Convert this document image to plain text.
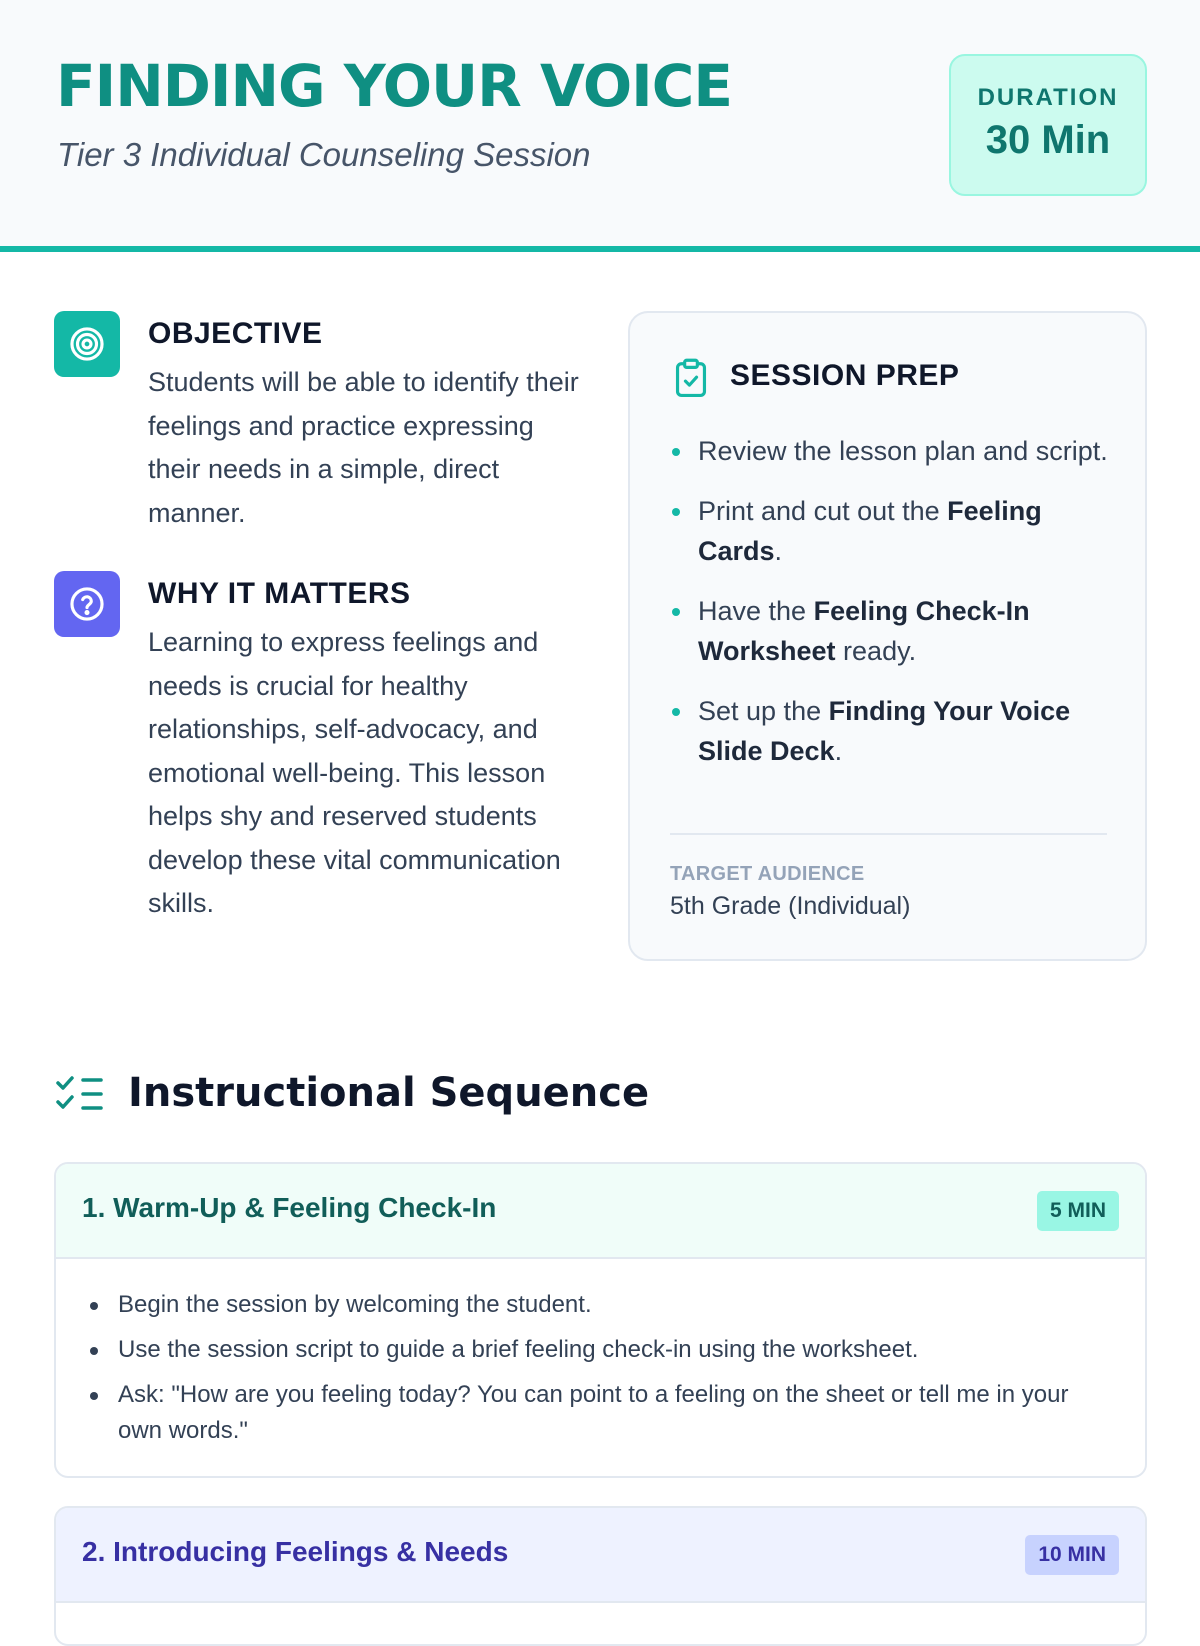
FINDING YOUR VOICE
Tier 3 Individual Counseling Session
DURATION
30 Min
OBJECTIVE
Students will be able to identify their feelings and practice expressing their needs in a simple, direct manner.
WHY IT MATTERS
Learning to express feelings and needs is crucial for healthy relationships, self-advocacy, and emotional well-being. This lesson helps shy and reserved students develop these vital communication skills.
SESSION PREP
Review the lesson plan and script.
Print and cut out the Feeling Cards.
Have the Feeling Check-In Worksheet ready.
Set up the Finding Your Voice Slide Deck.
TARGET AUDIENCE
5th Grade (Individual)
Instructional Sequence
1. Warm-Up & Feeling Check-In	5 MIN
Begin the session by welcoming the student.
Use the session script to guide a brief feeling check-in using the worksheet.
Ask: "How are you feeling today? You can point to a feeling on the sheet or tell me in your own words."
2. Introducing Feelings & Needs	10 MIN
